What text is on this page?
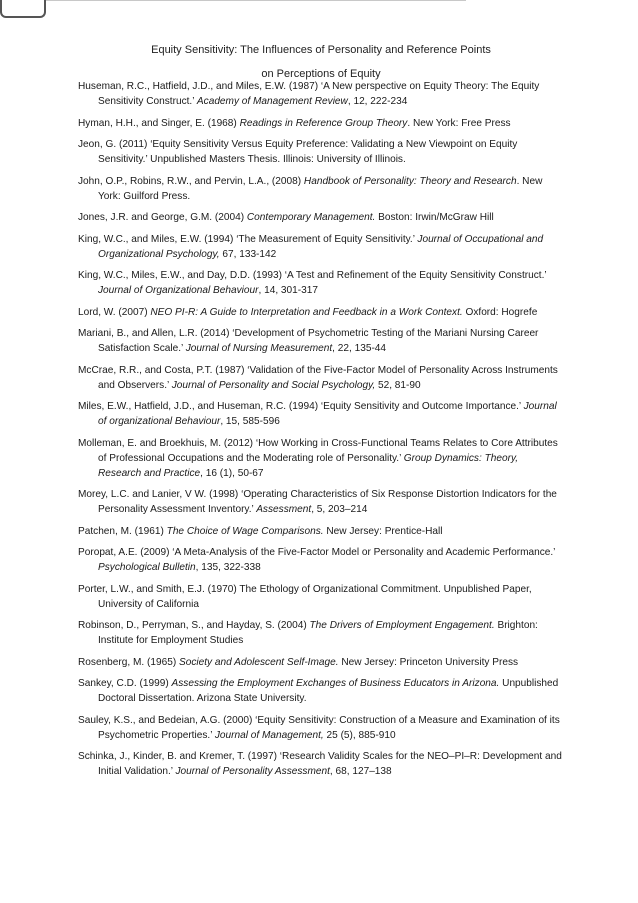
Equity Sensitivity: The Influences of Personality and Reference Points
on Perceptions of Equity

Huseman, R.C., Hatfield, J.D., and Miles, E.W. (1987) ‘A New perspective on Equity Theory: The Equity Sensitivity Construct.’ Academy of Management Review, 12, 222-234

Hyman, H.H., and Singer, E. (1968) Readings in Reference Group Theory. New York: Free Press

Jeon, G. (2011) ‘Equity Sensitivity Versus Equity Preference: Validating a New Viewpoint on Equity Sensitivity.’ Unpublished Masters Thesis. Illinois: University of Illinois.

John, O.P., Robins, R.W., and Pervin, L.A., (2008) Handbook of Personality: Theory and Research. New York: Guilford Press.

Jones, J.R. and George, G.M. (2004) Contemporary Management. Boston: Irwin/McGraw Hill

King, W.C., and Miles, E.W. (1994) ‘The Measurement of Equity Sensitivity.’ Journal of Occupational and Organizational Psychology, 67, 133-142

King, W.C., Miles, E.W., and Day, D.D. (1993) ‘A Test and Refinement of the Equity Sensitivity Construct.’ Journal of Organizational Behaviour, 14, 301-317

Lord, W. (2007) NEO PI-R: A Guide to Interpretation and Feedback in a Work Context. Oxford: Hogrefe

Mariani, B., and Allen, L.R. (2014) ‘Development of Psychometric Testing of the Mariani Nursing Career Satisfaction Scale.’ Journal of Nursing Measurement, 22, 135-44

McCrae, R.R., and Costa, P.T. (1987) ‘Validation of the Five-Factor Model of Personality Across Instruments and Observers.’ Journal of Personality and Social Psychology, 52, 81-90

Miles, E.W., Hatfield, J.D., and Huseman, R.C. (1994) ‘Equity Sensitivity and Outcome Importance.’ Journal of organizational Behaviour, 15, 585-596

Molleman, E. and Broekhuis, M. (2012) ‘How Working in Cross-Functional Teams Relates to Core Attributes of Professional Occupations and the Moderating role of Personality.’ Group Dynamics: Theory, Research and Practice, 16 (1), 50-67

Morey, L.C. and Lanier, V W. (1998) ‘Operating Characteristics of Six Response Distortion Indicators for the Personality Assessment Inventory.’ Assessment, 5, 203–214

Patchen, M. (1961) The Choice of Wage Comparisons. New Jersey: Prentice-Hall

Poropat, A.E. (2009) ‘A Meta-Analysis of the Five-Factor Model or Personality and Academic Performance.’ Psychological Bulletin, 135, 322-338

Porter, L.W., and Smith, E.J. (1970) The Ethology of Organizational Commitment. Unpublished Paper, University of California

Robinson, D., Perryman, S., and Hayday, S. (2004) The Drivers of Employment Engagement. Brighton: Institute for Employment Studies

Rosenberg, M. (1965) Society and Adolescent Self-Image. New Jersey: Princeton University Press

Sankey, C.D. (1999) Assessing the Employment Exchanges of Business Educators in Arizona. Unpublished Doctoral Dissertation. Arizona State University.

Sauley, K.S., and Bedeian, A.G. (2000) ‘Equity Sensitivity: Construction of a Measure and Examination of its Psychometric Properties.’ Journal of Management, 25 (5), 885-910

Schinka, J., Kinder, B. and Kremer, T. (1997) ‘Research Validity Scales for the NEO–PI–R: Development and Initial Validation.’ Journal of Personality Assessment, 68, 127–138
